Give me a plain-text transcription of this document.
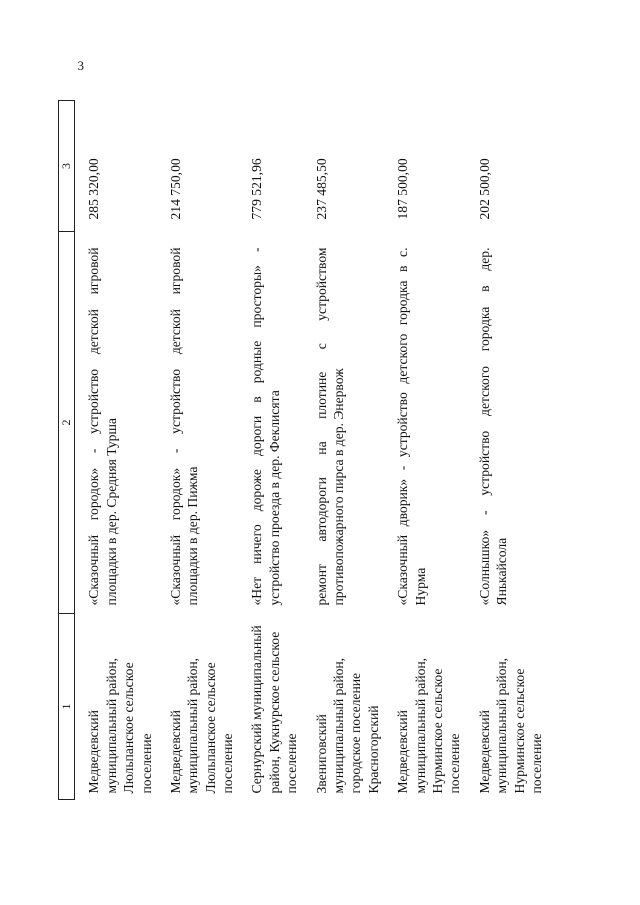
3
1	2	3
Медведевский муниципальный район, Люльпанское сельское поселение	«Сказочный городок» - устройство детской игровой площадки в дер. Средняя Турша	285 320,00
Медведевский муниципальный район, Люльпанское сельское поселение	«Сказочный городок» - устройство детской игровой площадки в дер. Пижма	214 750,00
Сернурский муниципальный район, Кукнурское сельское поселение	«Нет ничего дороже дороги в родные просторы» - устройство проезда в дер. Феклисята	779 521,96
Звениговский муниципальный район, городское поселение Красногорский	ремонт автодороги на плотине с устройством противопожарного пирса в дер. Энервож	237 485,50
Медведевский муниципальный район, Нурминское сельское поселение	«Сказочный дворик» - устройство детского городка в с. Нурма	187 500,00
Медведевский муниципальный район, Нурминское сельское поселение	«Солнышко» - устройство детского городка в дер. Янькайсола	202 500,00
